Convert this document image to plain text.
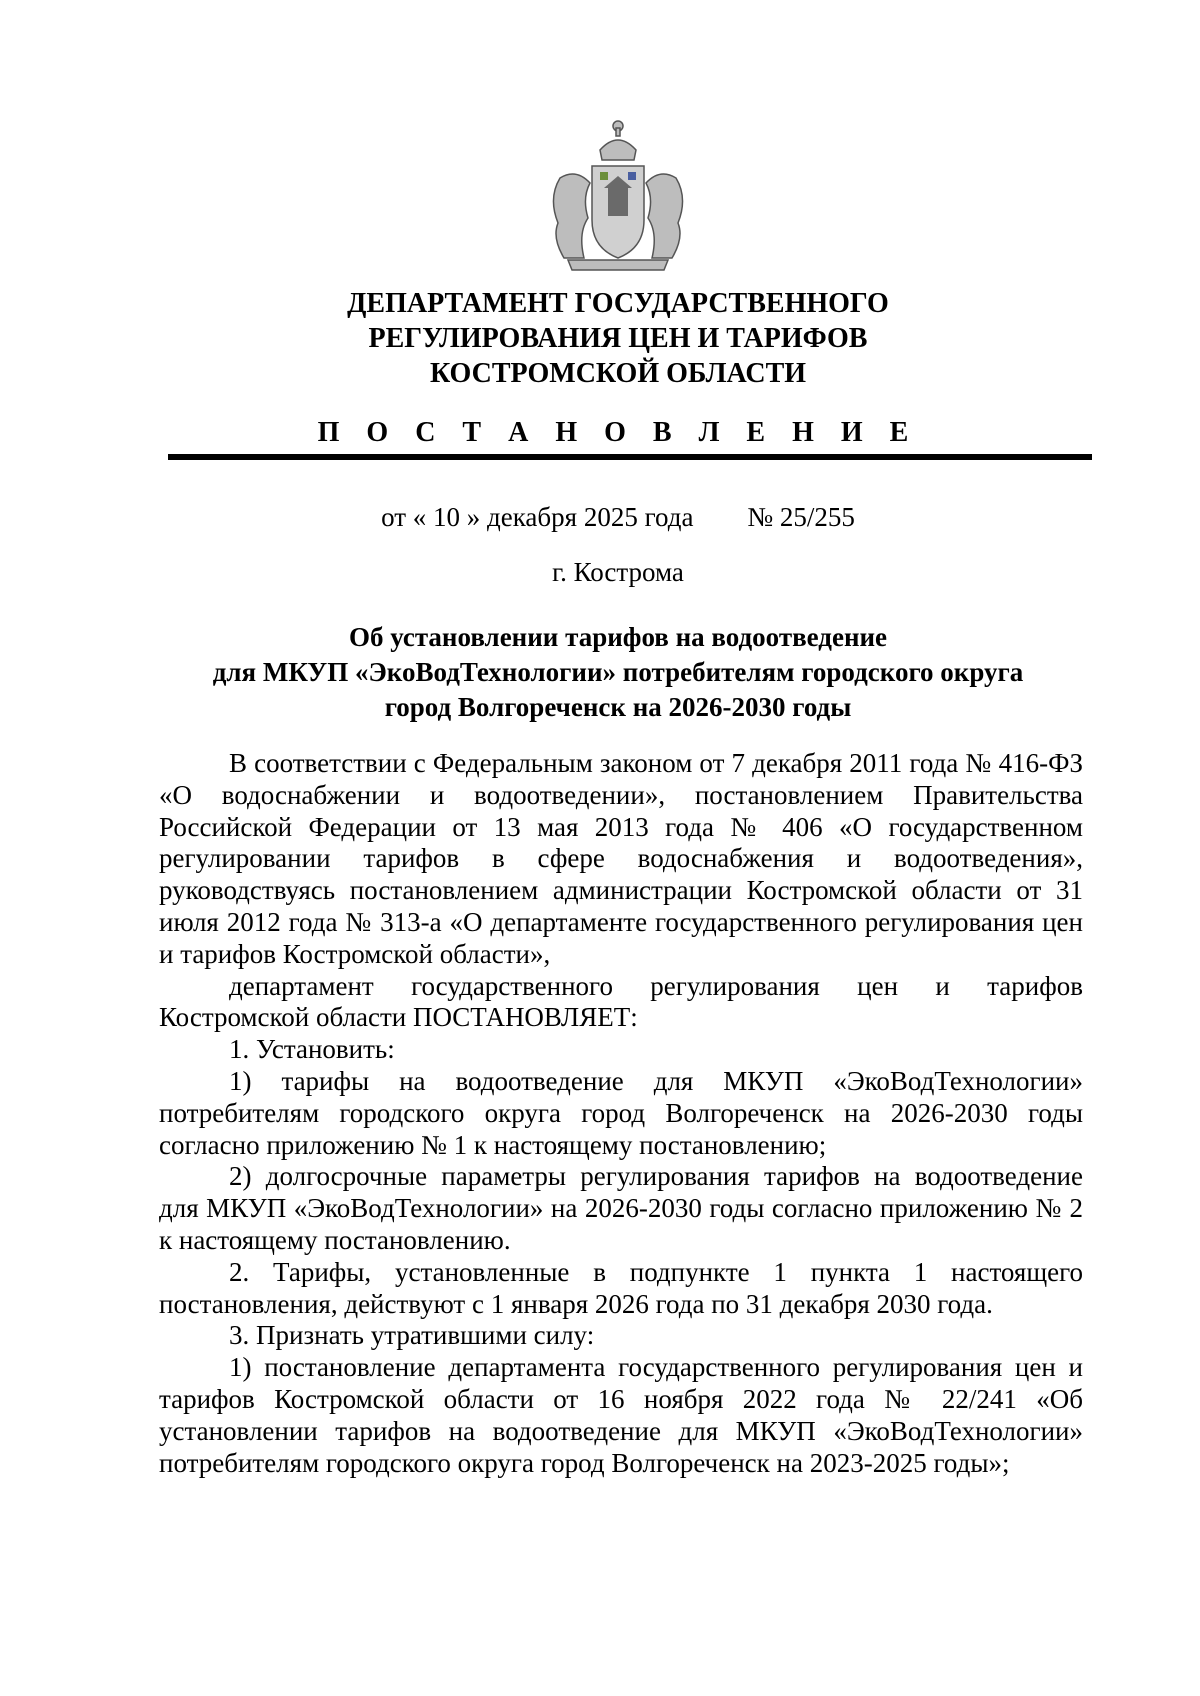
ДЕПАРТАМЕНТ ГОСУДАРСТВЕННОГО
РЕГУЛИРОВАНИЯ ЦЕН И ТАРИФОВ
КОСТРОМСКОЙ ОБЛАСТИ
П О С Т А Н О В Л Е Н И Е
от « 10 » декабря 2025 года № 25/255
г. Кострома
Об установлении тарифов на водоотведение
для МКУП «ЭкоВодТехнологии» потребителям городского округа
город Волгореченск на 2026-2030 годы

В соответствии с Федеральным законом от 7 декабря 2011 года № 416-ФЗ «О водоснабжении и водоотведении», постановлением Правительства Российской Федерации от 13 мая 2013 года № 406 «О государственном регулировании тарифов в сфере водоснабжения и водоотведения», руководствуясь постановлением администрации Костромской области от 31 июля 2012 года № 313-а «О департаменте государственного регулирования цен и тарифов Костромской области»,

департамент государственного регулирования цен и тарифов Костромской области ПОСТАНОВЛЯЕТ:

1. Установить:

1) тарифы на водоотведение для МКУП «ЭкоВодТехнологии» потребителям городского округа город Волгореченск на 2026-2030 годы согласно приложению № 1 к настоящему постановлению;

2) долгосрочные параметры регулирования тарифов на водоотведение для МКУП «ЭкоВодТехнологии» на 2026-2030 годы согласно приложению № 2 к настоящему постановлению.

2. Тарифы, установленные в подпункте 1 пункта 1 настоящего постановления, действуют с 1 января 2026 года по 31 декабря 2030 года.

3. Признать утратившими силу:

1) постановление департамента государственного регулирования цен и тарифов Костромской области от 16 ноября 2022 года № 22/241 «Об установлении тарифов на водоотведение для МКУП «ЭкоВодТехнологии» потребителям городского округа город Волгореченск на 2023-2025 годы»;
